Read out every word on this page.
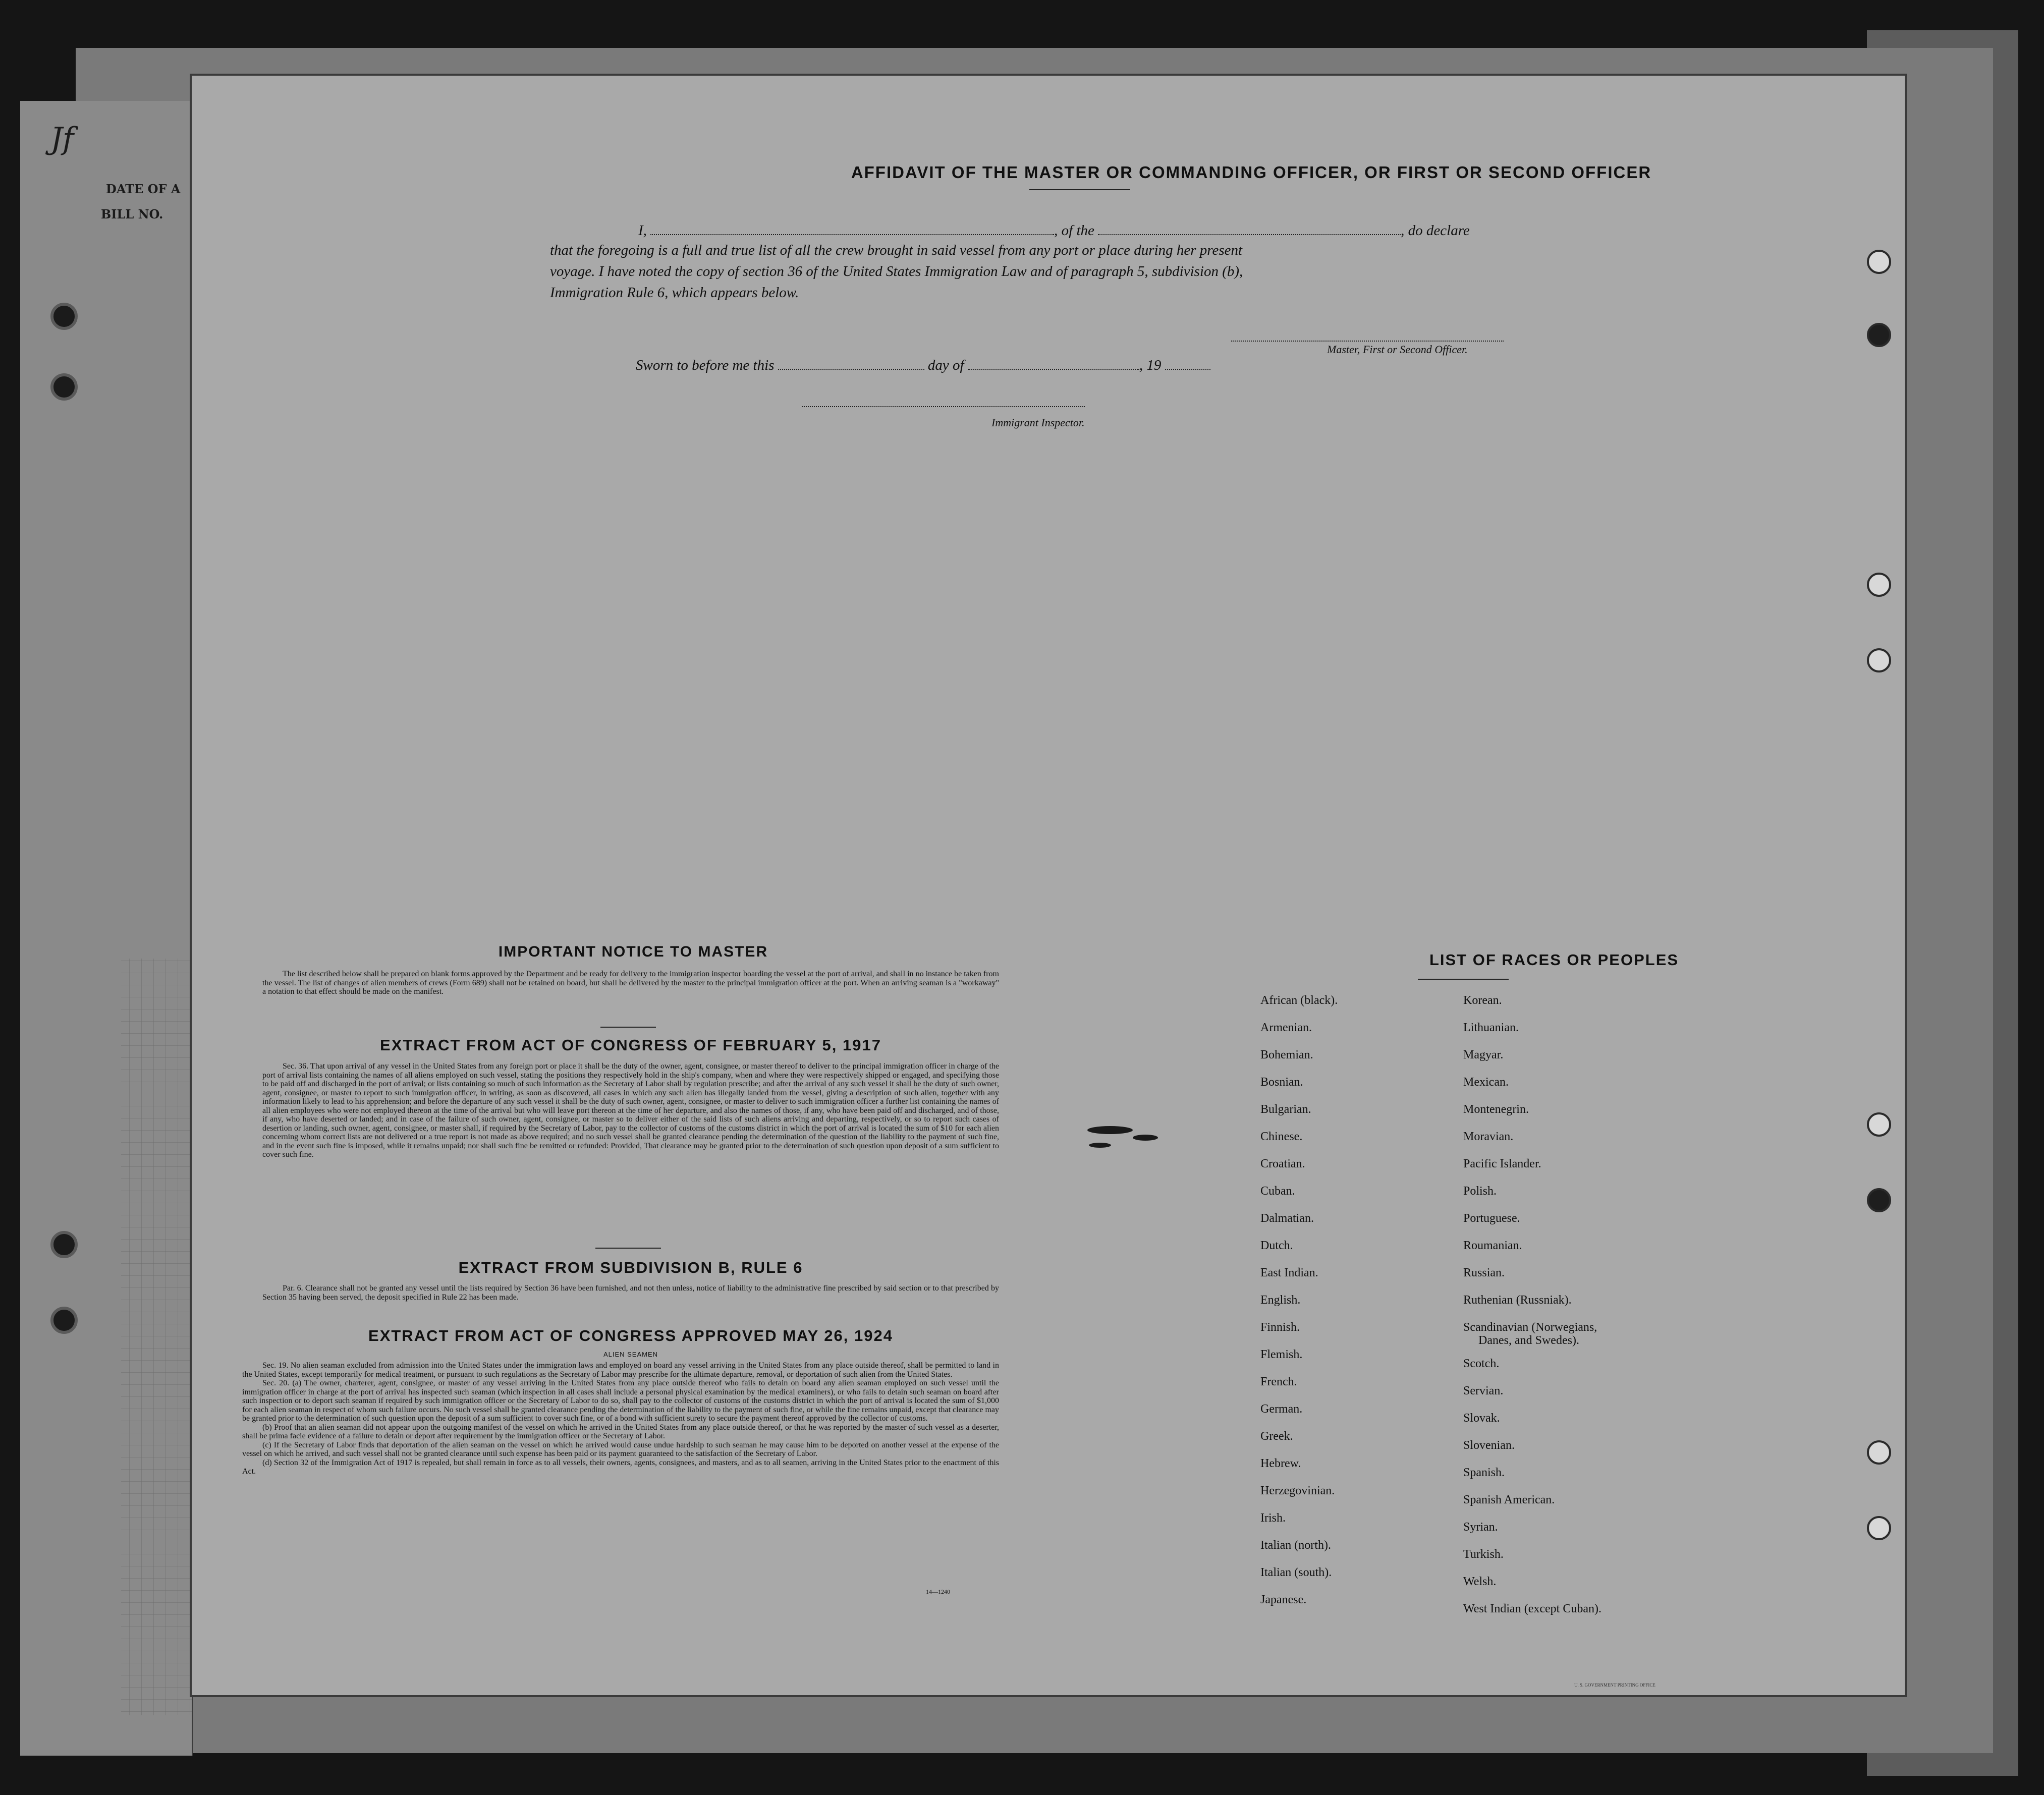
Jf
DATE OF A
BILL NO.
AFFIDAVIT OF THE MASTER OR COMMANDING OFFICER, OR FIRST OR SECOND OFFICER
I,	, of the	, do declare
that the foregoing is a full and true list of all the crew brought in said vessel from any port or place during her present
voyage. I have noted the copy of section 36 of the United States Immigration Law and of paragraph 5, subdivision (b),
Immigration Rule 6, which appears below.
Master, First or Second Officer.
Sworn to before me this	day of	, 19
Immigrant Inspector.
IMPORTANT NOTICE TO MASTER

The list described below shall be prepared on blank forms approved by the Department and be ready for delivery to the immigration inspector boarding the vessel at the port of arrival, and shall in no instance be taken from the vessel. The list of changes of alien members of crews (Form 689) shall not be retained on board, but shall be delivered by the master to the principal immigration officer at the port. When an arriving seaman is a "workaway" a notation to that effect should be made on the manifest.

EXTRACT FROM ACT OF CONGRESS OF FEBRUARY 5, 1917

Sec. 36. That upon arrival of any vessel in the United States from any foreign port or place it shall be the duty of the owner, agent, consignee, or master thereof to deliver to the principal immigration officer in charge of the port of arrival lists containing the names of all aliens employed on such vessel, stating the positions they respectively hold in the ship's company, when and where they were respectively shipped or engaged, and specifying those to be paid off and discharged in the port of arrival; or lists containing so much of such information as the Secretary of Labor shall by regulation prescribe; and after the arrival of any such vessel it shall be the duty of such owner, agent, consignee, or master to report to such immigration officer, in writing, as soon as discovered, all cases in which any such alien has illegally landed from the vessel, giving a description of such alien, together with any information likely to lead to his apprehension; and before the departure of any such vessel it shall be the duty of such owner, agent, consignee, or master to deliver to such immigration officer a further list containing the names of all alien employees who were not employed thereon at the time of the arrival but who will leave port thereon at the time of her departure, and also the names of those, if any, who have been paid off and discharged, and of those, if any, who have deserted or landed; and in case of the failure of such owner, agent, consignee, or master so to deliver either of the said lists of such aliens arriving and departing, respectively, or so to report such cases of desertion or landing, such owner, agent, consignee, or master shall, if required by the Secretary of Labor, pay to the collector of customs of the customs district in which the port of arrival is located the sum of $10 for each alien concerning whom correct lists are not delivered or a true report is not made as above required; and no such vessel shall be granted clearance pending the determination of the question of the liability to the payment of such fine, and in the event such fine is imposed, while it remains unpaid; nor shall such fine be remitted or refunded: Provided, That clearance may be granted prior to the determination of such question upon deposit of a sum sufficient to cover such fine.

EXTRACT FROM SUBDIVISION B, RULE 6

Par. 6. Clearance shall not be granted any vessel until the lists required by Section 36 have been furnished, and not then unless, notice of liability to the administrative fine prescribed by said section or to that prescribed by Section 35 having been served, the deposit specified in Rule 22 has been made.

EXTRACT FROM ACT OF CONGRESS APPROVED MAY 26, 1924
ALIEN SEAMEN

Sec. 19. No alien seaman excluded from admission into the United States under the immigration laws and employed on board any vessel arriving in the United States from any place outside thereof, shall be permitted to land in the United States, except temporarily for medical treatment, or pursuant to such regulations as the Secretary of Labor may prescribe for the ultimate departure, removal, or deportation of such alien from the United States.

Sec. 20. (a) The owner, charterer, agent, consignee, or master of any vessel arriving in the United States from any place outside thereof who fails to detain on board any alien seaman employed on such vessel until the immigration officer in charge at the port of arrival has inspected such seaman (which inspection in all cases shall include a personal physical examination by the medical examiners), or who fails to detain such seaman on board after such inspection or to deport such seaman if required by such immigration officer or the Secretary of Labor to do so, shall pay to the collector of customs of the customs district in which the port of arrival is located the sum of $1,000 for each alien seaman in respect of whom such failure occurs. No such vessel shall be granted clearance pending the determination of the liability to the payment of such fine, or while the fine remains unpaid, except that clearance may be granted prior to the determination of such question upon the deposit of a sum sufficient to cover such fine, or of a bond with sufficient surety to secure the payment thereof approved by the collector of customs.

(b) Proof that an alien seaman did not appear upon the outgoing manifest of the vessel on which he arrived in the United States from any place outside thereof, or that he was reported by the master of such vessel as a deserter, shall be prima facie evidence of a failure to detain or deport after requirement by the immigration officer or the Secretary of Labor.

(c) If the Secretary of Labor finds that deportation of the alien seaman on the vessel on which he arrived would cause undue hardship to such seaman he may cause him to be deported on another vessel at the expense of the vessel on which he arrived, and such vessel shall not be granted clearance until such expense has been paid or its payment guaranteed to the satisfaction of the Secretary of Labor.

(d) Section 32 of the Immigration Act of 1917 is repealed, but shall remain in force as to all vessels, their owners, agents, consignees, and masters, and as to all seamen, arriving in the United States prior to the enactment of this Act.

14—1240
LIST OF RACES OR PEOPLES
African (black).
Armenian.
Bohemian.
Bosnian.
Bulgarian.
Chinese.
Croatian.
Cuban.
Dalmatian.
Dutch.
East Indian.
English.
Finnish.
Flemish.
French.
German.
Greek.
Hebrew.
Herzegovinian.
Irish.
Italian (north).
Italian (south).
Japanese.
Korean.
Lithuanian.
Magyar.
Mexican.
Montenegrin.
Moravian.
Pacific Islander.
Polish.
Portuguese.
Roumanian.
Russian.
Ruthenian (Russniak).
Scandinavian (Norwegians,
Danes, and Swedes).
Scotch.
Servian.
Slovak.
Slovenian.
Spanish.
Spanish American.
Syrian.
Turkish.
Welsh.
West Indian (except Cuban).
U. S. GOVERNMENT PRINTING OFFICE
